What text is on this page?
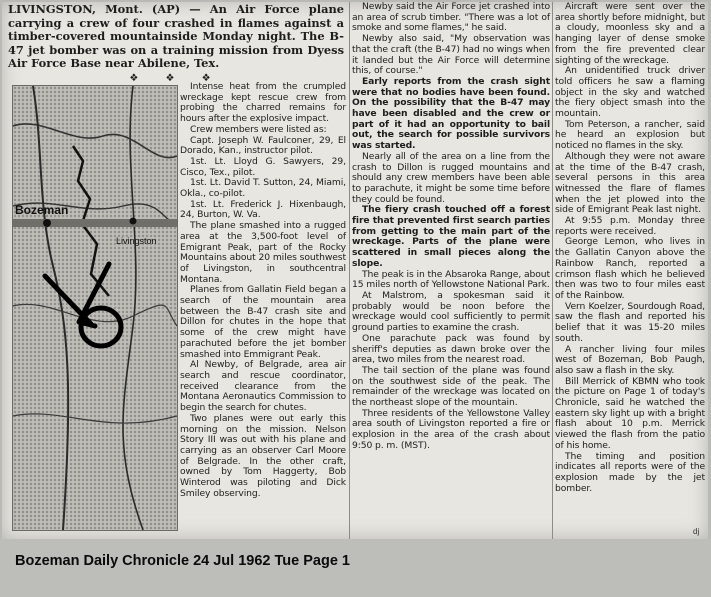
LIVINGSTON, Mont. (AP) — An Air Force plane carrying a crew of four crashed in flames against a timber-covered mountainside Monday night. The B-47 jet bomber was on a training mission from Dyess Air Force Base near Abilene, Tex.

❖ ❖ ❖
Bozeman
Livingston

Intense heat from the crumpled wreckage kept rescue crew from probing the charred remains for hours after the explosive impact.

Crew members were listed as:

Capt. Joseph W. Faulconer, 29, El Dorado, Kan., instructor pilot.

1st. Lt. Lloyd G. Sawyers, 29, Cisco, Tex., pilot.

1st. Lt. David T. Sutton, 24, Miami, Okla., co-pilot.

1st. Lt. Frederick J. Hixenbaugh, 24, Burton, W. Va.

The plane smashed into a rugged area at the 3,500-foot level of Emigrant Peak, part of the Rocky Mountains about 20 miles southwest of Livingston, in southcentral Montana.

Planes from Gallatin Field began a search of the mountain area between the B-47 crash site and Dillon for chutes in the hope that some of the crew might have parachuted before the jet bomber smashed into Emmigrant Peak.

Al Newby, of Belgrade, area air search and rescue coordinator, received clearance from the Montana Aeronautics Commission to begin the search for chutes.

Two planes were out early this morning on the mission. Nelson Story III was out with his plane and carrying as an observer Carl Moore of Belgrade. In the other craft, owned by Tom Haggerty, Bob Winterod was piloting and Dick Smiley observing.

Newby said the Air Force jet crashed into an area of scrub timber. "There was a lot of smoke and some flames," he said.

Newby also said, "My observation was that the craft (the B-47) had no wings when it landed but the Air Force will determine this, of course."

Early reports from the crash sight were that no bodies have been found. On the possibility that the B-47 may have been disabled and the crew or part of it had an opportunity to bail out, the search for possible survivors was started.

Nearly all of the area on a line from the crash to Dillon is rugged mountains and should any crew members have been able to parachute, it might be some time before they could be found.

The fiery crash touched off a forest fire that prevented first search parties from getting to the main part of the wreckage. Parts of the plane were scattered in small pieces along the slope.

The peak is in the Absaroka Range, about 15 miles north of Yellowstone National Park.

At Malstrom, a spokesman said it probably would be noon before the wreckage would cool sufficiently to permit ground parties to examine the crash.

One parachute pack was found by sheriff's deputies as dawn broke over the area, two miles from the nearest road.

The tail section of the plane was found on the southwest side of the peak. The remainder of the wreckage was located on the northeast slope of the mountain.

Three residents of the Yellowstone Valley area south of Livingston reported a fire or explosion in the area of the crash about 9:50 p. m. (MST).

Aircraft were sent over the area shortly before midnight, but a cloudy, moonless sky and a hanging layer of dense smoke from the fire prevented clear sighting of the wreckage.

An unidentified truck driver told officers he saw a flaming object in the sky and watched the fiery object smash into the mountain.

Tom Peterson, a rancher, said he heard an explosion but noticed no flames in the sky.

Although they were not aware at the time of the B-47 crash, several persons in this area witnessed the flare of flames when the jet plowed into the side of Emigrant Peak last night.

At 9:55 p.m. Monday three reports were received.

George Lemon, who lives in the Gallatin Canyon above the Rainbow Ranch, reported a crimson flash which he believed then was two to four miles east of the Rainbow.

Vern Koelzer, Sourdough Road, saw the flash and reported his belief that it was 15-20 miles south.

A rancher living four miles west of Bozeman, Bob Paugh, also saw a flash in the sky.

Bill Merrick of KBMN who took the picture on Page 1 of today's Chronicle, said he watched the eastern sky light up with a bright flash about 10 p.m. Merrick viewed the flash from the patio of his home.

The timing and position indicates all reports were of the explosion made by the jet bomber.

dj
Bozeman Daily Chronicle 24 Jul 1962 Tue Page 1
